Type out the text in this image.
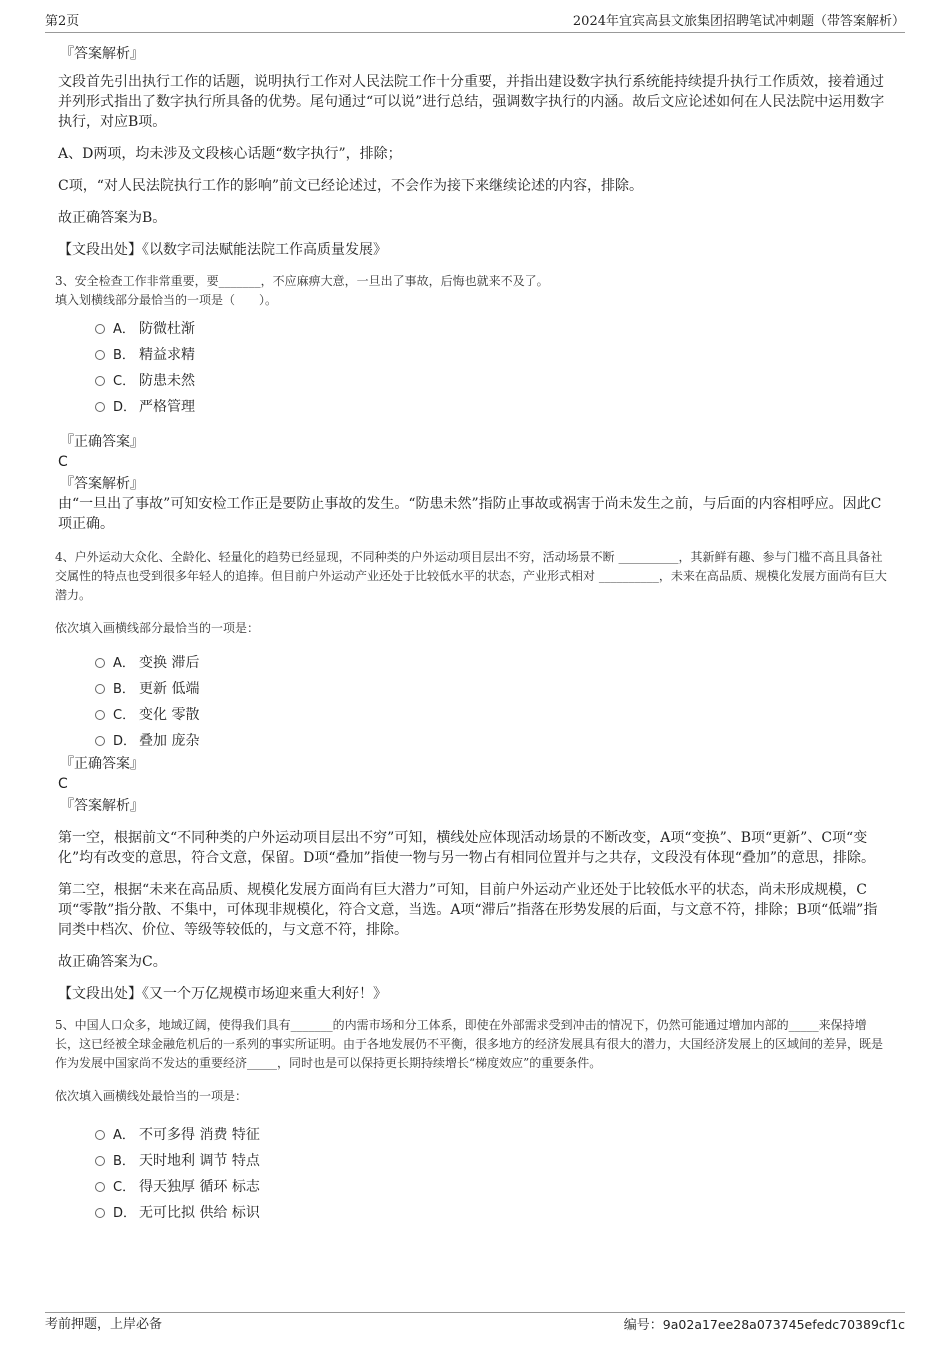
第2页	2024年宜宾高县文旅集团招聘笔试冲刺题（带答案解析）

『答案解析』

文段首先引出执行工作的话题，说明执行工作对人民法院工作十分重要，并指出建设数字执行系统能持续提升执行工作质效，接着通过并列形式指出了数字执行所具备的优势。尾句通过“可以说”进行总结，强调数字执行的内涵。故后文应论述如何在人民法院中运用数字执行，对应B项。

A、D两项，均未涉及文段核心话题“数字执行”，排除；

C项，“对人民法院执行工作的影响”前文已经论述过，不会作为接下来继续论述的内容，排除。

故正确答案为B。

【文段出处】《以数字司法赋能法院工作高质量发展》

3、安全检查工作非常重要，要_______，不应麻痹大意，一旦出了事故，后悔也就来不及了。

填入划横线部分最恰当的一项是（　　）。

A． 防微杜渐
B． 精益求精
C． 防患未然
D． 严格管理

『正确答案』

C

『答案解析』

由“一旦出了事故”可知安检工作正是要防止事故的发生。“防患未然”指防止事故或祸害于尚未发生之前，与后面的内容相呼应。因此C项正确。

4、户外运动大众化、全龄化、轻量化的趋势已经显现，不同种类的户外运动项目层出不穷，活动场景不断 __________，其新鲜有趣、参与门槛不高且具备社交属性的特点也受到很多年轻人的追捧。但目前户外运动产业还处于比较低水平的状态，产业形式相对 __________，未来在高品质、规模化发展方面尚有巨大潜力。

依次填入画横线部分最恰当的一项是：

A． 变换 滞后
B． 更新 低端
C． 变化 零散
D． 叠加 庞杂

『正确答案』

C

『答案解析』

第一空，根据前文“不同种类的户外运动项目层出不穷”可知，横线处应体现活动场景的不断改变，A项“变换”、B项“更新”、C项“变化”均有改变的意思，符合文意，保留。D项“叠加”指使一物与另一物占有相同位置并与之共存，文段没有体现“叠加”的意思，排除。

第二空，根据“未来在高品质、规模化发展方面尚有巨大潜力”可知，目前户外运动产业还处于比较低水平的状态，尚未形成规模，C项“零散”指分散、不集中，可体现非规模化，符合文意，当选。A项“滞后”指落在形势发展的后面，与文意不符，排除；B项“低端”指同类中档次、价位、等级等较低的，与文意不符，排除。

故正确答案为C。

【文段出处】《又一个万亿规模市场迎来重大利好！》

5、中国人口众多，地域辽阔，使得我们具有_______的内需市场和分工体系，即使在外部需求受到冲击的情况下，仍然可能通过增加内部的_____来保持增长，这已经被全球金融危机后的一系列的事实所证明。由于各地发展仍不平衡，很多地方的经济发展具有很大的潜力，大国经济发展上的区域间的差异，既是作为发展中国家尚不发达的重要经济_____，同时也是可以保持更长期持续增长“梯度效应”的重要条件。

依次填入画横线处最恰当的一项是：

A． 不可多得 消费 特征
B． 天时地利 调节 特点
C． 得天独厚 循环 标志
D． 无可比拟 供给 标识
考前押题，上岸必备	编号：9a02a17ee28a073745efedc70389cf1c
